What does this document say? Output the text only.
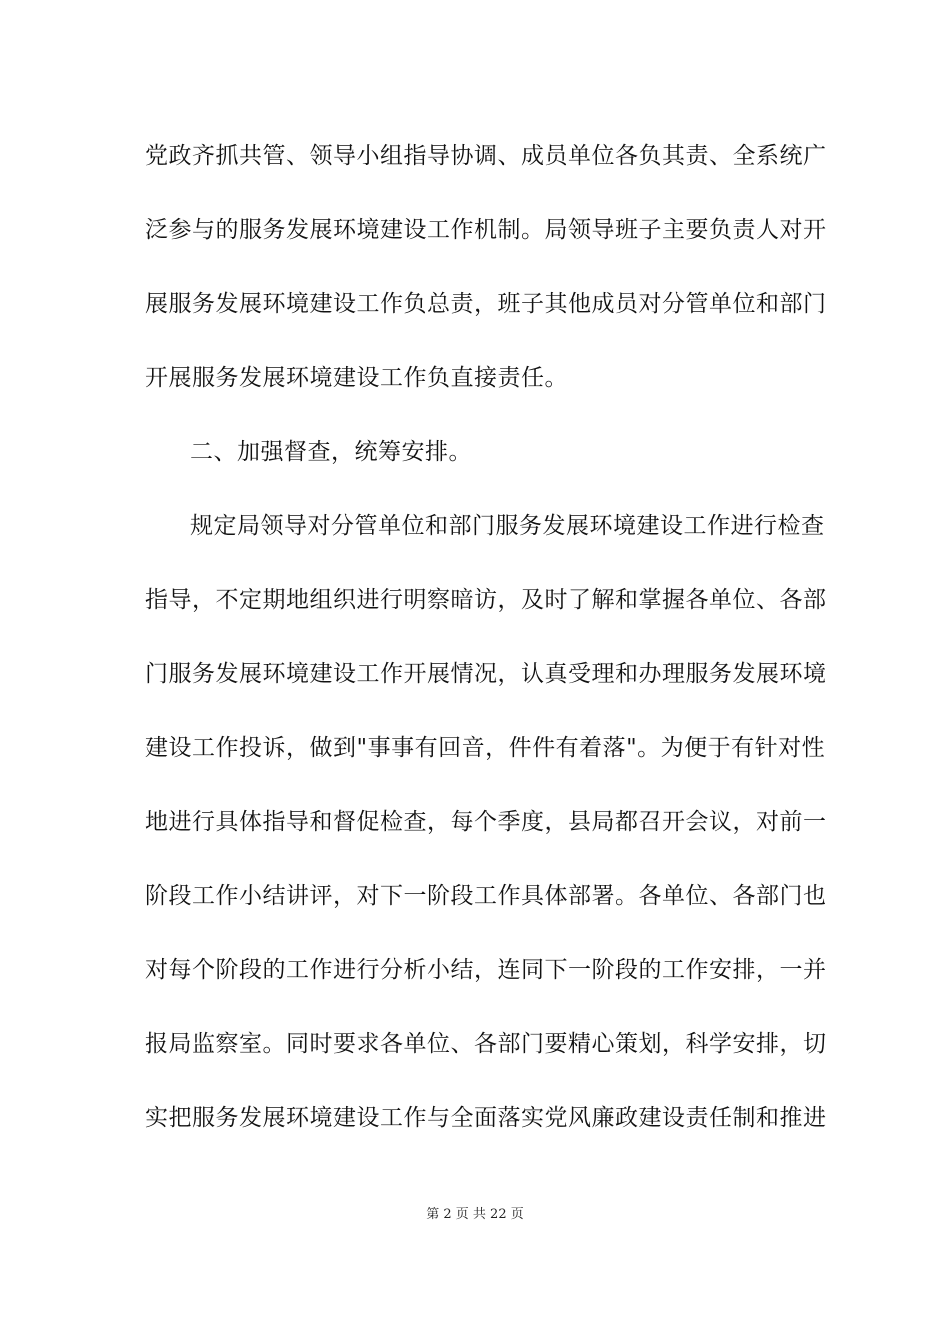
党政齐抓共管、领导小组指导协调、成员单位各负其责、全系统广
泛参与的服务发展环境建设工作机制。局领导班子主要负责人对开
展服务发展环境建设工作负总责，班子其他成员对分管单位和部门
开展服务发展环境建设工作负直接责任。
二、加强督查，统筹安排。
规定局领导对分管单位和部门服务发展环境建设工作进行检查
指导，不定期地组织进行明察暗访，及时了解和掌握各单位、各部
门服务发展环境建设工作开展情况，认真受理和办理服务发展环境
建设工作投诉，做到"事事有回音，件件有着落"。为便于有针对性
地进行具体指导和督促检查，每个季度，县局都召开会议，对前一
阶段工作小结讲评，对下一阶段工作具体部署。各单位、各部门也
对每个阶段的工作进行分析小结，连同下一阶段的工作安排，一并
报局监察室。同时要求各单位、各部门要精心策划，科学安排，切
实把服务发展环境建设工作与全面落实党风廉政建设责任制和推进
第 2 页 共 22 页
